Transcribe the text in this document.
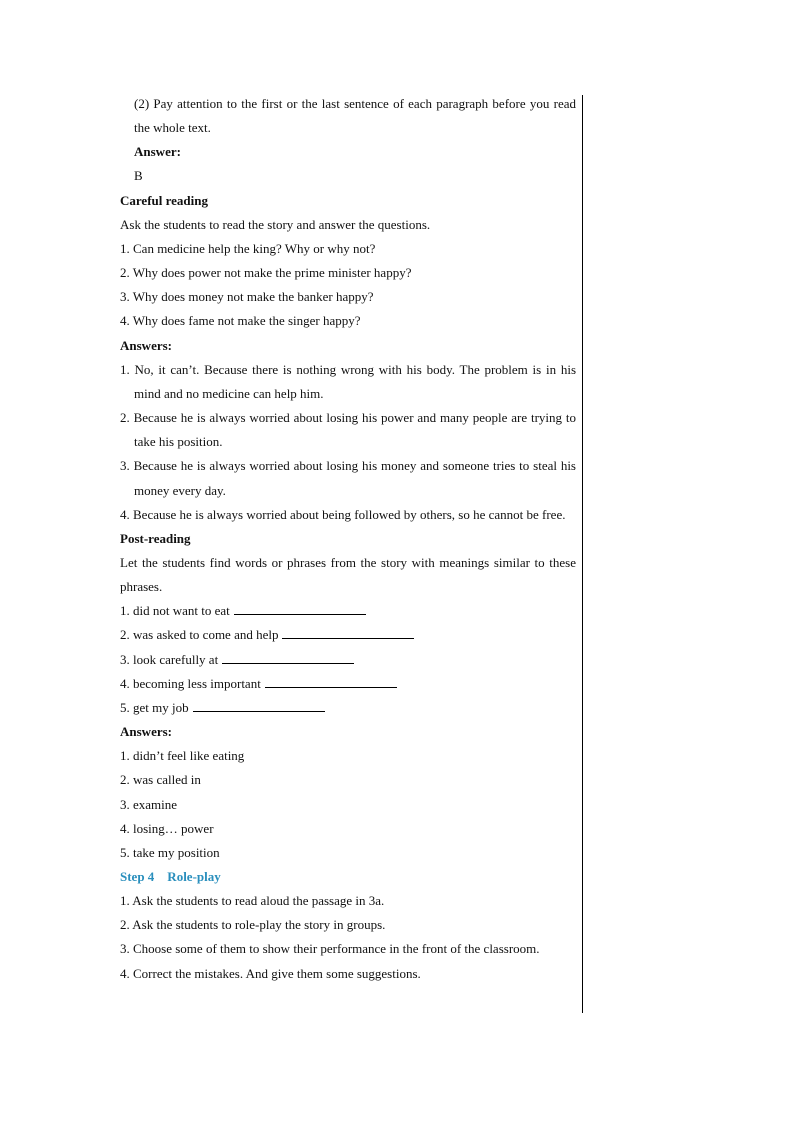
(2) Pay attention to the first or the last sentence of each paragraph before you read the whole text.
Answer:
B
Careful reading
Ask the students to read the story and answer the questions.
1. Can medicine help the king? Why or why not?
2. Why does power not make the prime minister happy?
3. Why does money not make the banker happy?
4. Why does fame not make the singer happy?
Answers:
1. No, it can’t. Because there is nothing wrong with his body. The problem is in his mind and no medicine can help him.
2. Because he is always worried about losing his power and many people are trying to take his position.
3. Because he is always worried about losing his money and someone tries to steal his money every day.
4. Because he is always worried about being followed by others, so he cannot be free.
Post-reading
Let the students find words or phrases from the story with meanings similar to these phrases.
1. did not want to eat
2. was asked to come and help
3. look carefully at
4. becoming less important
5. get my job
Answers:
1. didn’t feel like eating
2. was called in
3. examine
4. losing… power
5. take my position
Step 4    Role-play
1. Ask the students to read aloud the passage in 3a.
2. Ask the students to role-play the story in groups.
3. Choose some of them to show their performance in the front of the classroom.
4. Correct the mistakes. And give them some suggestions.
